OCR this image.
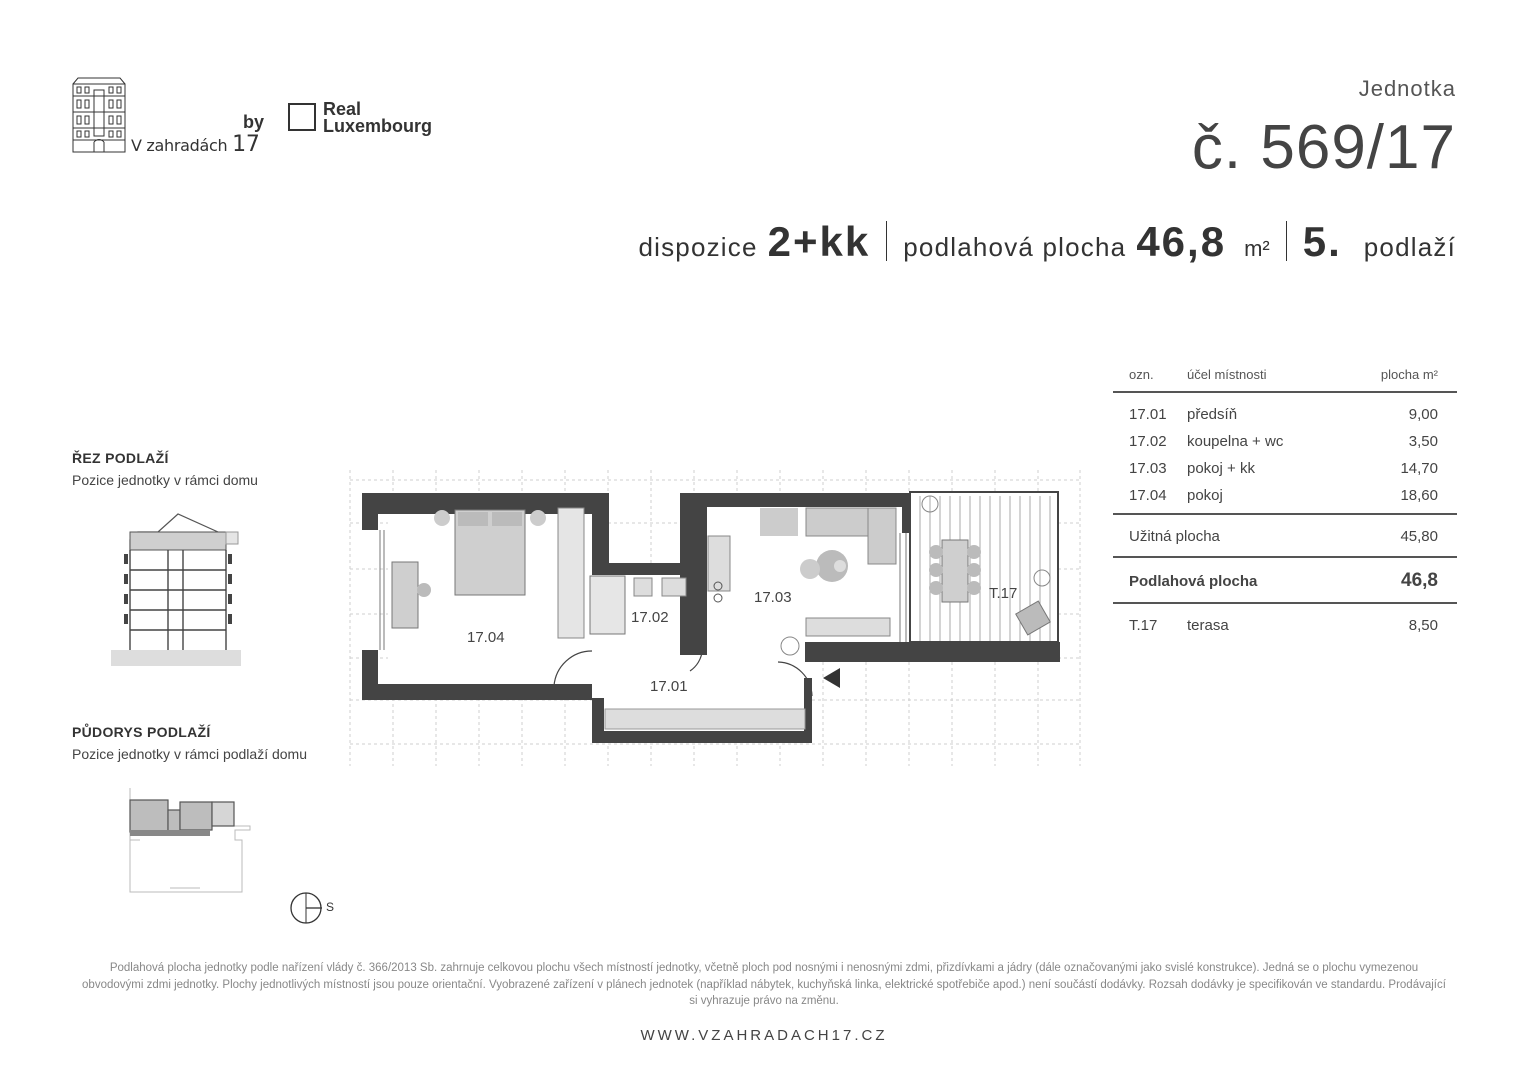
V zahradách 17
by
Real
Luxembourg
Jednotka
č. 569/17
dispozice 2+kk podlahová plocha 46,8 m² 5. podlaží
ŘEZ PODLAŽÍ
Pozice jednotky v rámci domu
PŮDORYS PODLAŽÍ
Pozice jednotky v rámci podlaží domu
S
17.04
17.02
17.03
17.01
T.17
ozn.	účel místnosti	plocha m²
17.01	předsíň	9,00
17.02	koupelna + wc	3,50
17.03	pokoj + kk	14,70
17.04	pokoj	18,60
Užitná plocha		45,80
Podlahová plocha		46,8
T.17	terasa	8,50
Podlahová plocha jednotky podle nařízení vlády č. 366/2013 Sb. zahrnuje celkovou plochu všech místností jednotky, včetně ploch pod nosnými i nenosnými zdmi, přizdívkami a jádry (dále označovanými jako svislé konstrukce). Jedná se o plochu vymezenou obvodovými zdmi jednotky. Plochy jednotlivých místností jsou pouze orientační. Vyobrazené zařízení v plánech jednotek (například nábytek, kuchyňská linka, elektrické spotřebiče apod.) není součástí dodávky. Rozsah dodávky je specifikován ve standardu. Prodávající si vyhrazuje právo na změnu.
WWW.VZAHRADACH17.CZ
